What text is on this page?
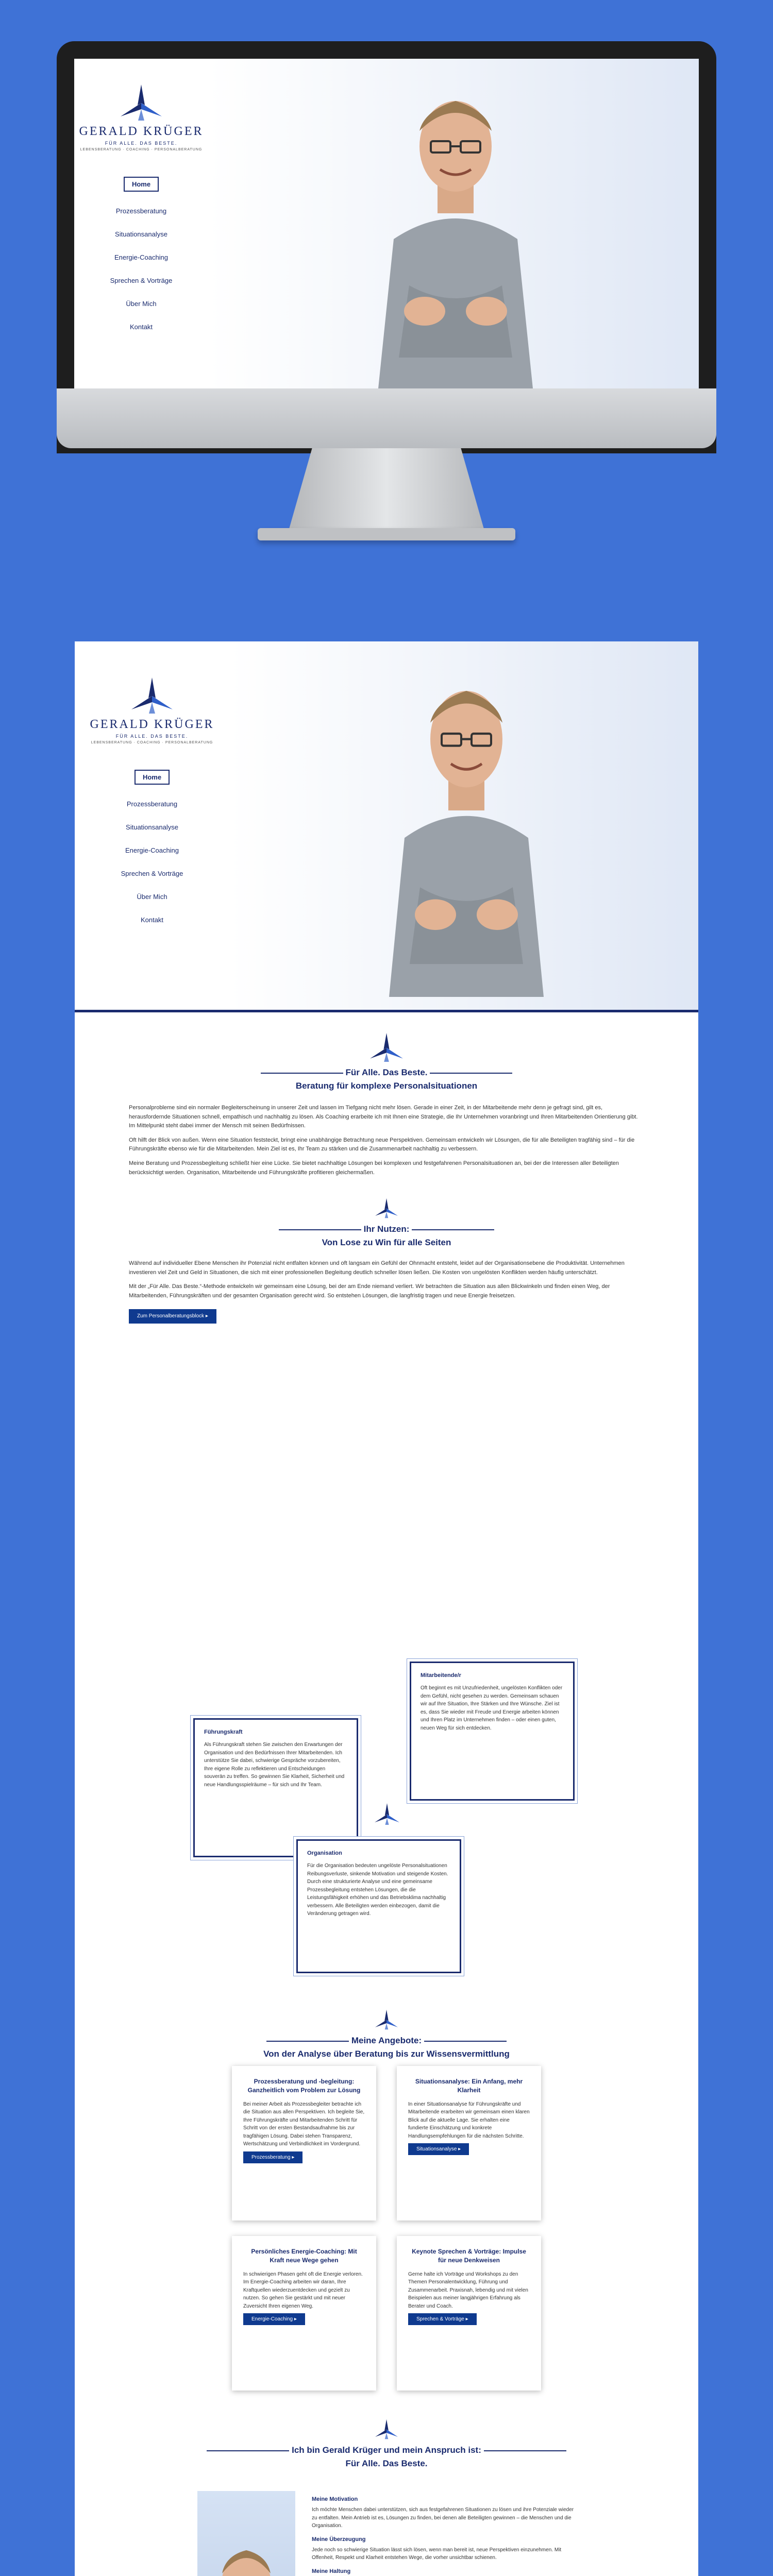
GERALD KRÜGER
FÜR ALLE. DAS BESTE.
LEBENSBERATUNG · COACHING · PERSONALBERATUNG
Home
Prozessberatung
Situationsanalyse
Energie-Coaching
Sprechen & Vorträge
Über Mich
Kontakt
GERALD KRÜGER
FÜR ALLE. DAS BESTE.
LEBENSBERATUNG · COACHING · PERSONALBERATUNG
Home
Prozessberatung
Situationsanalyse
Energie-Coaching
Sprechen & Vorträge
Über Mich
Kontakt
Für Alle. Das Beste.
Beratung für komplexe Personalsituationen

Personalprobleme sind ein normaler Begleiterscheinung in unserer Zeit und lassen im Tiefgang nicht mehr lösen. Gerade in einer Zeit, in der Mitarbeitende mehr denn je gefragt sind, gilt es, herausfordernde Situationen schnell, empathisch und nachhaltig zu lösen. Als Coaching erarbeite ich mit Ihnen eine Strategie, die Ihr Unternehmen voranbringt und Ihren Mitarbeitenden Orientierung gibt. Im Mittelpunkt steht dabei immer der Mensch mit seinen Bedürfnissen.

Oft hilft der Blick von außen. Wenn eine Situation feststeckt, bringt eine unabhängige Betrachtung neue Perspektiven. Gemeinsam entwickeln wir Lösungen, die für alle Beteiligten tragfähig sind – für die Führungskräfte ebenso wie für die Mitarbeitenden. Mein Ziel ist es, Ihr Team zu stärken und die Zusammenarbeit nachhaltig zu verbessern.

Meine Beratung und Prozessbegleitung schließt hier eine Lücke. Sie bietet nachhaltige Lösungen bei komplexen und festgefahrenen Personalsituationen an, bei der die Interessen aller Beteiligten berücksichtigt werden. Organisation, Mitarbeitende und Führungskräfte profitieren gleichermaßen.

Ihr Nutzen:
Von Lose zu Win für alle Seiten

Während auf individueller Ebene Menschen ihr Potenzial nicht entfalten können und oft langsam ein Gefühl der Ohnmacht entsteht, leidet auf der Organisationsebene die Produktivität. Unternehmen investieren viel Zeit und Geld in Situationen, die sich mit einer professionellen Begleitung deutlich schneller lösen ließen. Die Kosten von ungelösten Konflikten werden häufig unterschätzt.

Mit der „Für Alle. Das Beste.“-Methode entwickeln wir gemeinsam eine Lösung, bei der am Ende niemand verliert. Wir betrachten die Situation aus allen Blickwinkeln und finden einen Weg, der Mitarbeitenden, Führungskräften und der gesamten Organisation gerecht wird. So entstehen Lösungen, die langfristig tragen und neue Energie freisetzen.

Zum Personalberatungsblock ▸
Mitarbeitende/r

Oft beginnt es mit Unzufriedenheit, ungelösten Konflikten oder dem Gefühl, nicht gesehen zu werden. Gemeinsam schauen wir auf Ihre Situation, Ihre Stärken und Ihre Wünsche. Ziel ist es, dass Sie wieder mit Freude und Energie arbeiten können und Ihren Platz im Unternehmen finden – oder einen guten, neuen Weg für sich entdecken.

Führungskraft

Als Führungskraft stehen Sie zwischen den Erwartungen der Organisation und den Bedürfnissen Ihrer Mitarbeitenden. Ich unterstütze Sie dabei, schwierige Gespräche vorzubereiten, Ihre eigene Rolle zu reflektieren und Entscheidungen souverän zu treffen. So gewinnen Sie Klarheit, Sicherheit und neue Handlungsspielräume – für sich und Ihr Team.

Organisation

Für die Organisation bedeuten ungelöste Personalsituationen Reibungsverluste, sinkende Motivation und steigende Kosten. Durch eine strukturierte Analyse und eine gemeinsame Prozessbegleitung entstehen Lösungen, die die Leistungsfähigkeit erhöhen und das Betriebsklima nachhaltig verbessern. Alle Beteiligten werden einbezogen, damit die Veränderung getragen wird.

Meine Angebote:
Von der Analyse über Beratung bis zur Wissensvermittlung
Prozessberatung und -begleitung: Ganzheitlich vom Problem zur Lösung

Bei meiner Arbeit als Prozessbegleiter betrachte ich die Situation aus allen Perspektiven. Ich begleite Sie, Ihre Führungskräfte und Mitarbeitenden Schritt für Schritt von der ersten Bestandsaufnahme bis zur tragfähigen Lösung. Dabei stehen Transparenz, Wertschätzung und Verbindlichkeit im Vordergrund.

Prozessberatung ▸
Situationsanalyse: Ein Anfang, mehr Klarheit

In einer Situationsanalyse für Führungskräfte und Mitarbeitende erarbeiten wir gemeinsam einen klaren Blick auf die aktuelle Lage. Sie erhalten eine fundierte Einschätzung und konkrete Handlungsempfehlungen für die nächsten Schritte.

Situationsanalyse ▸
Persönliches Energie-Coaching: Mit Kraft neue Wege gehen

In schwierigen Phasen geht oft die Energie verloren. Im Energie-Coaching arbeiten wir daran, Ihre Kraftquellen wiederzuentdecken und gezielt zu nutzen. So gehen Sie gestärkt und mit neuer Zuversicht Ihren eigenen Weg.

Energie-Coaching ▸
Keynote Sprechen & Vorträge: Impulse für neue Denkweisen

Gerne halte ich Vorträge und Workshops zu den Themen Personalentwicklung, Führung und Zusammenarbeit. Praxisnah, lebendig und mit vielen Beispielen aus meiner langjährigen Erfahrung als Berater und Coach.

Sprechen & Vorträge ▸
Ich bin Gerald Krüger und mein Anspruch ist:
Für Alle. Das Beste.
Meine Motivation

Ich möchte Menschen dabei unterstützen, sich aus festgefahrenen Situationen zu lösen und ihre Potenziale wieder zu entfalten. Mein Antrieb ist es, Lösungen zu finden, bei denen alle Beteiligten gewinnen – die Menschen und die Organisation.

Meine Überzeugung

Jede noch so schwierige Situation lässt sich lösen, wenn man bereit ist, neue Perspektiven einzunehmen. Mit Offenheit, Respekt und Klarheit entstehen Wege, die vorher unsichtbar schienen.

Meine Haltung
